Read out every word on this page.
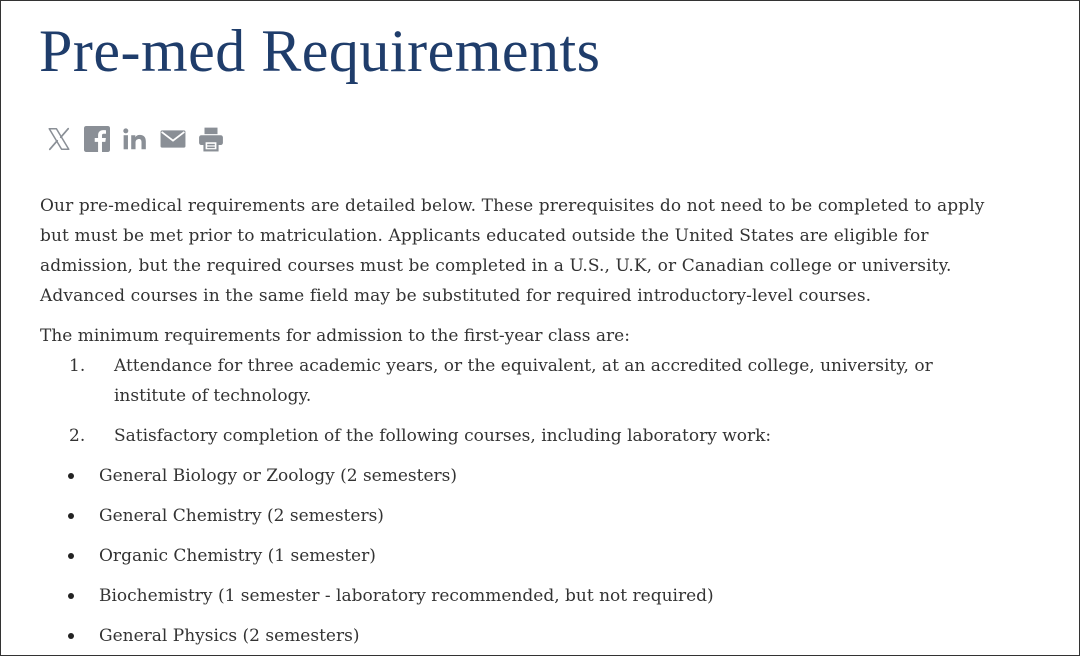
Pre-med Requirements

Our pre-medical requirements are detailed below. These prerequisites do not need to be completed to apply
but must be met prior to matriculation. Applicants educated outside the United States are eligible for
admission, but the required courses must be completed in a U.S., U.K, or Canadian college or university.
Advanced courses in the same field may be substituted for required introductory-level courses.

The minimum requirements for admission to the first-year class are:

1. Attendance for three academic years, or the equivalent, at an accredited college, university, or
institute of technology.
2. Satisfactory completion of the following courses, including laboratory work:
General Biology or Zoology (2 semesters)
General Chemistry (2 semesters)
Organic Chemistry (1 semester)
Biochemistry (1 semester - laboratory recommended, but not required)
General Physics (2 semesters)
